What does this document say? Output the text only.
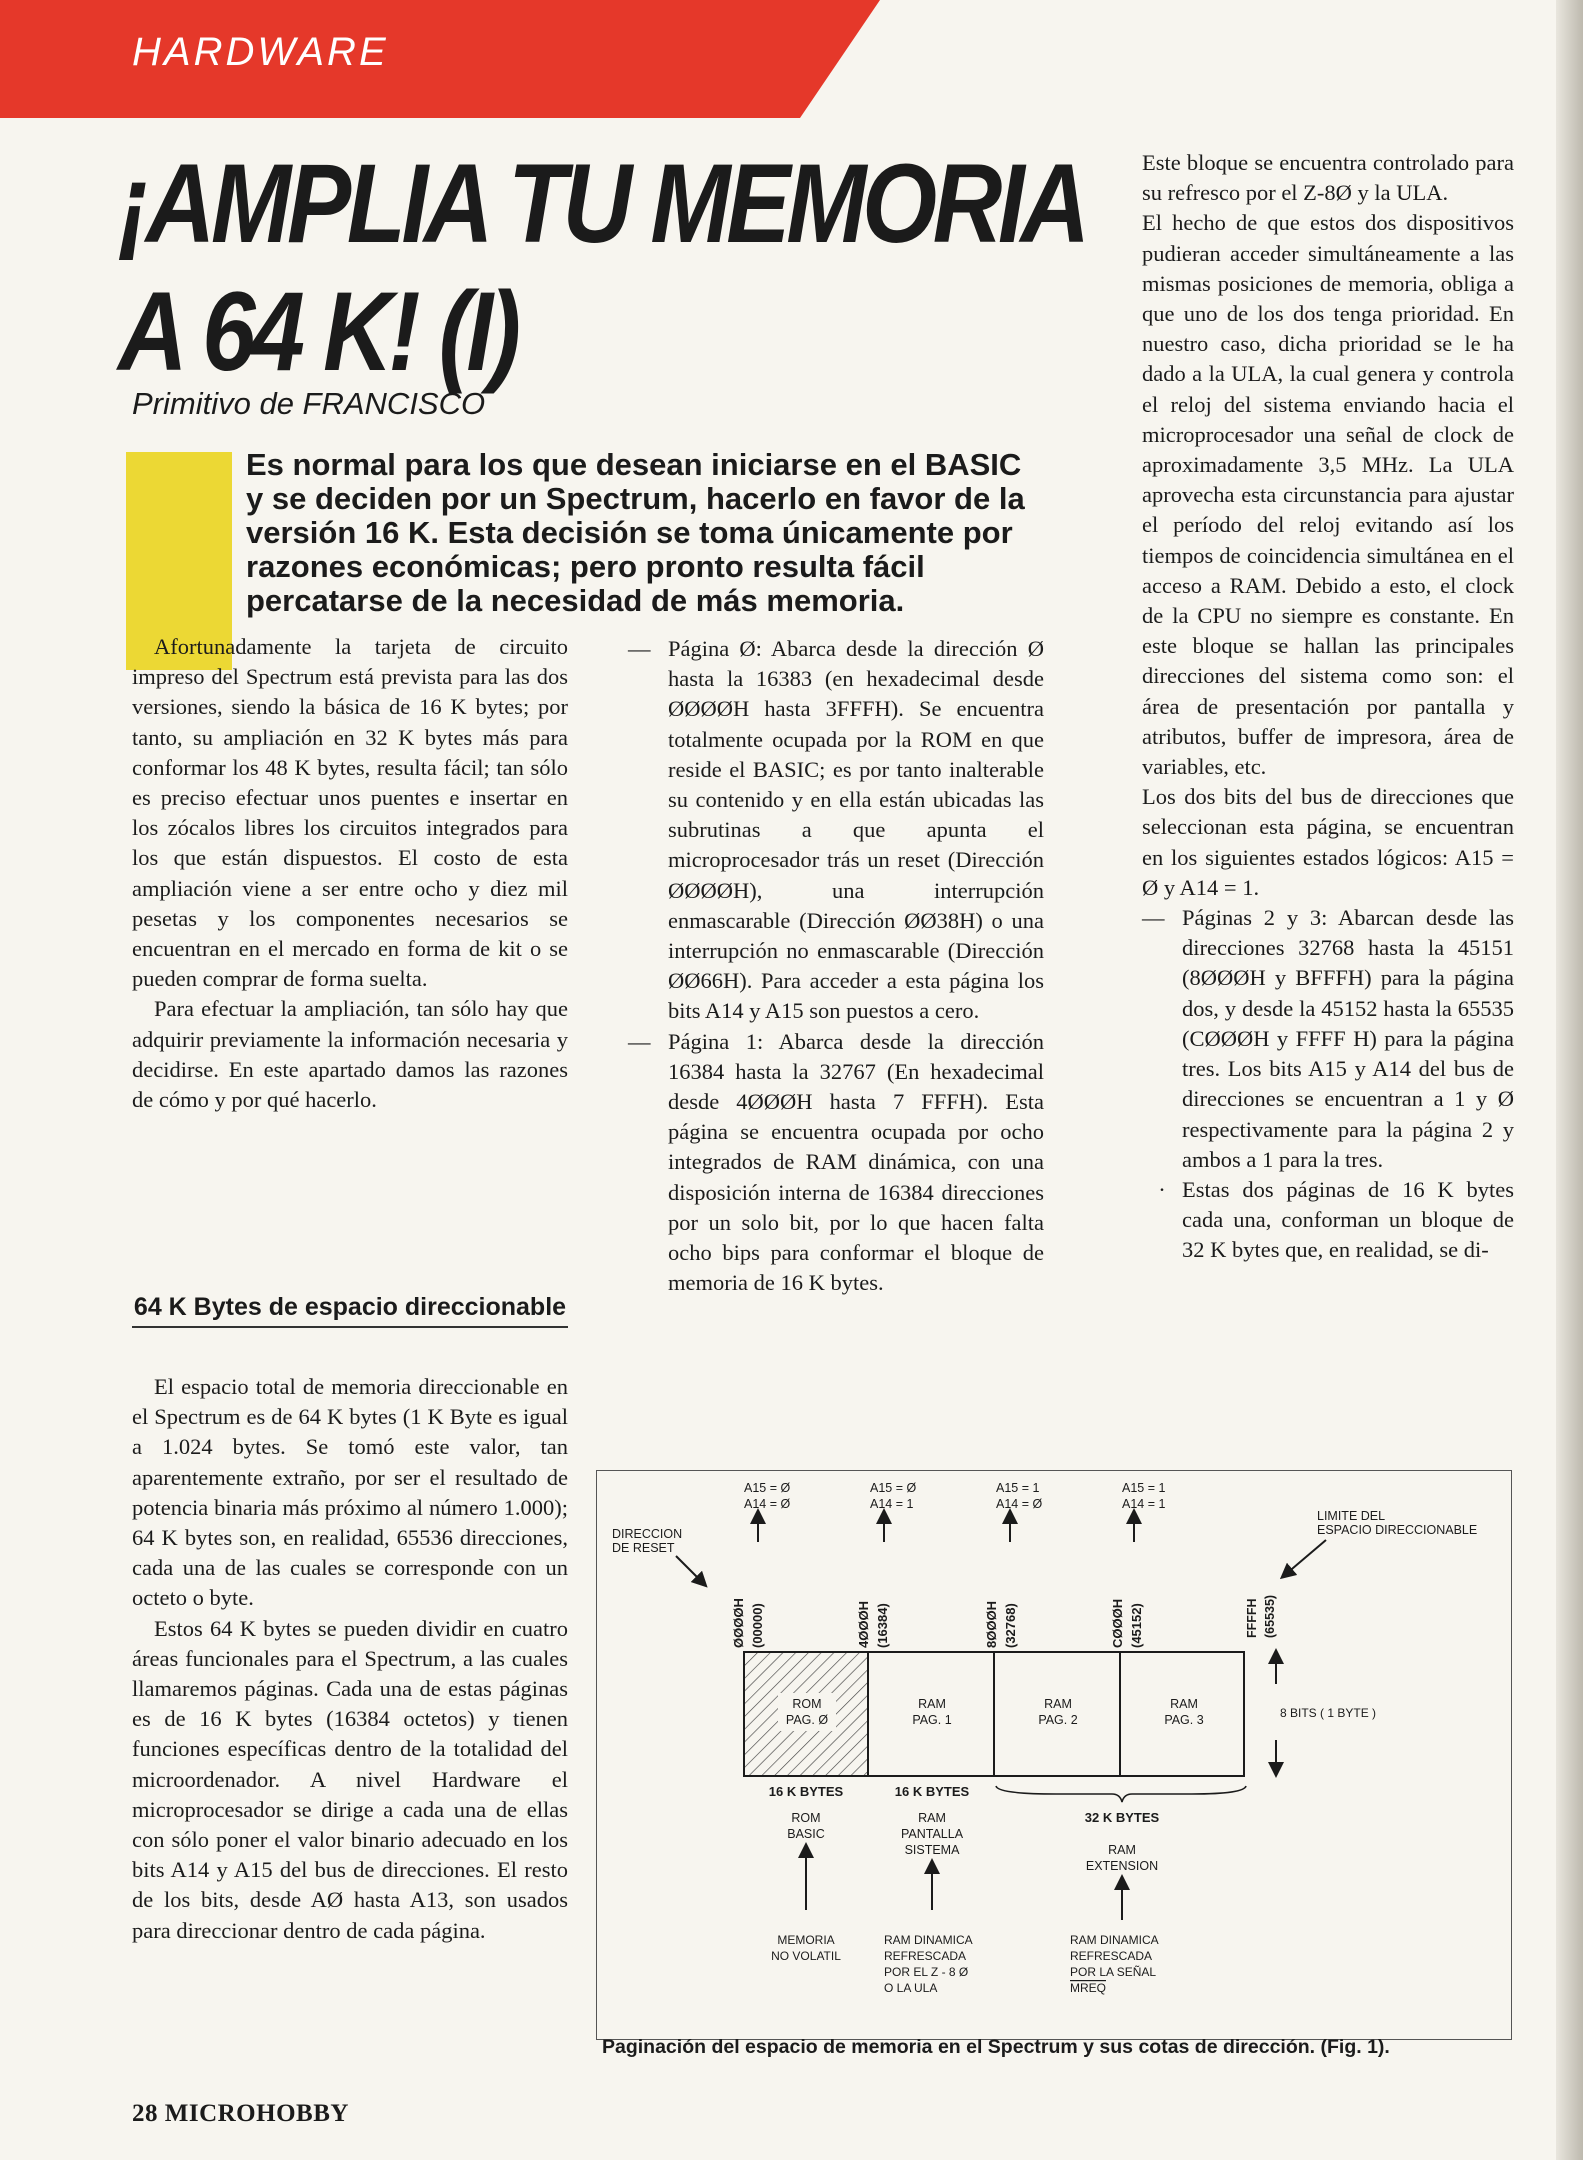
HARDWARE
¡AMPLIA TU MEMORIA
A 64 K! (I)
Primitivo de FRANCISCO
Es normal para los que desean iniciarse en el BASIC y se deciden por un Spectrum, hacerlo en favor de la versión 16 K. Esta decisión se toma únicamente por razones económicas; pero pronto resulta fácil percatarse de la necesidad de más memoria.

Afortunadamente la tarjeta de circuito impreso del Spectrum está prevista para las dos versiones, siendo la básica de 16 K bytes; por tanto, su ampliación en 32 K bytes más para conformar los 48 K bytes, resulta fácil; tan sólo es preciso efectuar unos puentes e insertar en los zócalos libres los circuitos integrados para los que están dispuestos. El costo de esta ampliación viene a ser entre ocho y diez mil pesetas y los componentes necesarios se encuentran en el mercado en forma de kit o se pueden comprar de forma suelta.

Para efectuar la ampliación, tan sólo hay que adquirir previamente la información necesaria y decidirse. En este apartado damos las razones de cómo y por qué hacerlo.

64 K Bytes de espacio direccionable

El espacio total de memoria direccionable en el Spectrum es de 64 K bytes (1 K Byte es igual a 1.024 bytes. Se tomó este valor, tan aparentemente extraño, por ser el resultado de potencia binaria más próximo al número 1.000); 64 K bytes son, en realidad, 65536 direcciones, cada una de las cuales se corresponde con un octeto o byte.

Estos 64 K bytes se pueden dividir en cuatro áreas funcionales para el Spectrum, a las cuales llamaremos páginas. Cada una de estas páginas es de 16 K bytes (16384 octetos) y tienen funciones específicas dentro de la totalidad del microordenador. A nivel Hardware el microprocesador se dirige a cada una de ellas con sólo poner el valor binario adecuado en los bits A14 y A15 del bus de direcciones. El resto de los bits, desde AØ hasta A13, son usados para direccionar dentro de cada página.

— Página Ø: Abarca desde la dirección Ø hasta la 16383 (en hexadecimal desde ØØØØH hasta 3FFFH). Se encuentra totalmente ocupada por la ROM en que reside el BASIC; es por tanto inalterable su contenido y en ella están ubicadas las subrutinas a que apunta el microprocesador trás un reset (Dirección ØØØØH), una interrupción enmascarable (Dirección ØØ38H) o una interrupción no enmascarable (Dirección ØØ66H). Para acceder a esta página los bits A14 y A15 son puestos a cero.
— Página 1: Abarca desde la dirección 16384 hasta la 32767 (En hexadecimal desde 4ØØØH hasta 7 FFFH). Esta página se encuentra ocupada por ocho integrados de RAM dinámica, con una disposición interna de 16384 direcciones por un solo bit, por lo que hacen falta ocho bips para conformar el bloque de memoria de 16 K bytes.

Este bloque se encuentra controlado para su refresco por el Z-8Ø y la ULA.

El hecho de que estos dos dispositivos pudieran acceder simultáneamente a las mismas posiciones de memoria, obliga a que uno de los dos tenga prioridad. En nuestro caso, dicha prioridad se le ha dado a la ULA, la cual genera y controla el reloj del sistema enviando hacia el microprocesador una señal de clock de aproximadamente 3,5 MHz. La ULA aprovecha esta circunstancia para ajustar el período del reloj evitando así los tiempos de coincidencia simultánea en el acceso a RAM. Debido a esto, el clock de la CPU no siempre es constante. En este bloque se hallan las principales direcciones del sistema como son: el área de presentación por pantalla y atributos, buffer de impresora, área de variables, etc.

Los dos bits del bus de direcciones que seleccionan esta página, se encuentran en los siguientes estados lógicos: A15 = Ø y A14 = 1.

— Páginas 2 y 3: Abarcan desde las direcciones 32768 hasta la 45151 (8ØØØH y BFFFH) para la página dos, y desde la 45152 hasta la 65535 (CØØØH y FFFF H) para la página tres. Los bits A15 y A14 del bus de direcciones se encuentran a 1 y Ø respectivamente para la página 2 y ambos a 1 para la tres.
· Estas dos páginas de 16 K bytes cada una, conforman un bloque de 32 K bytes que, en realidad, se di-
DIRECCION
DE RESET
LIMITE DEL
ESPACIO DIRECCIONABLE
A15 = Ø
A14 = Ø
ØØØØH (00000)
A15 = Ø
A14 = 1
4ØØØH (16384)
A15 = 1
A14 = Ø
8ØØØH (32768)
A15 = 1
A14 = 1
CØØØH (45152)	FFFFH (65535)
ROM
PAG. Ø
RAM
PAG. 1
RAM
PAG. 2
RAM
PAG. 3	8 BITS ( 1 BYTE )
16 K BYTES	16 K BYTES
32 K BYTES
ROM
BASIC
RAM
PANTALLA
SISTEMA	RAM
EXTENSION
MEMORIA
NO VOLATIL
RAM DINAMICA
REFRESCADA
POR EL Z - 8 Ø
O LA ULA
RAM DINAMICA
REFRESCADA
POR LA SEÑAL
MREQ
Paginación del espacio de memoria en el Spectrum y sus cotas de dirección. (Fig. 1).
28 MICROHOBBY
